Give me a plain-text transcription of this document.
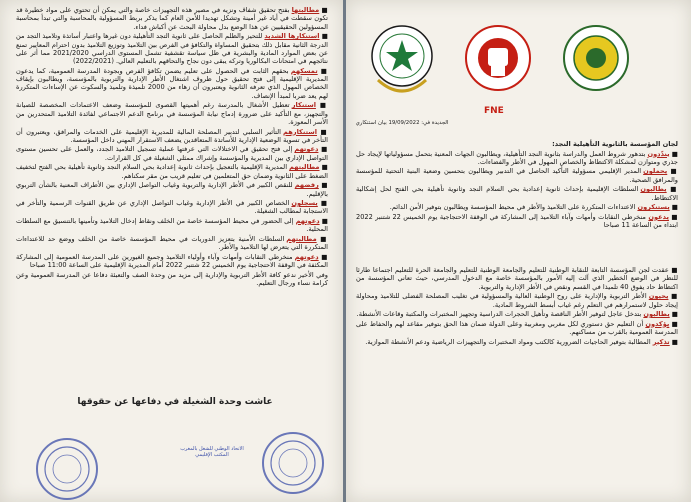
■ مطالبتها بفتح تحقيق شفاف ونزيه في مصير هذه التجهيزات خاصة والتي يمكن أن تحتوي على مواد خطيرة قد تكون سقطت في أياد غير أمينة وتشكل تهديدا للأمن العام كما يذكر بربط المسؤولية بالمحاسبة والتي تبدأ بمحاسبة المسؤولين الحقيقيين عن هذا الوضع بدل محاولة البحث عن أكباش فداء.

■ استنكارها الشديد للتحيز والظلم الحاصل على ثانوية التجد التأهيلية دون غيرها واعتبار أساتذة وتلاميذ التجد من الدرجة الثانية مقابل ذلك بتحقيق المساواة والتكافؤ في الفرص بين التلاميذ وتوزيع التلاميذ بدون احترام المعايير تمنع عن بعض الموارد المادية والبشرية في ظل سياسة تقشفية تشمل المستوى الدراسي 2021/2020 مما أثر على نتائجهم في امتحانات البكالوريا وتركه يبقى دون نجاح والتحاقهم بالتعليم العالي. (2022/2021)

■ تمسكهم بحقهم الثابت في الحصول على تعليم يضمن تكافؤ الفرص وبجودة المدرسة العمومية، كما يدعون المديرية الإقليمية إلى فتح تحقيق حول ظروف اشتغال الأطر الإدارية والتربوية بالمؤسسة، ويطالبون بإيقاف الخصاص المهول الذي تعرفه الثانوية ويعتبرون أن زهاء من 2000 تلميذة وتلميذ والسكوت عن الإساءات المتكررة لهم يعد ضربا لمبدأ الإنصاف.

■ استنكار تعطيل الأشغال بالمدرسة رغم أهميتها القصوى للمؤسسة وضعف الاعتمادات المخصصة للصيانة والتجهيز، مع التأكيد على ضرورة إدماج نيابة المؤسسة في برنامج الدعم الاجتماعي لفائدة التلاميذ المتحدرين من الأسر المعوزة.

■ استنكارهم التأثير السلبي لتدبير المصلحة المالية للمديرية الإقليمية على الخدمات والمرافق، ويعتبرون أن التأخر في تسوية الوضعية الإدارية للأساتذة المتعاقدين يضعف الاستقرار المهني داخل المؤسسة.

■ دعوتهم إلى فتح تحقيق في الاختلالات التي عرفتها عملية تسجيل التلاميذ الجدد، والعمل على تحسين مستوى التواصل الإداري بين المديرية والمؤسسة وإشراك ممثلي الشغيلة في كل القرارات.

■ مطالبتهم المديرية الإقليمية بالتعجيل بإحداث ثانوية إعدادية بحي السلام النجد وثانوية تأهيلية بحي الفتح لتخفيف الضغط على الثانوية وضمان حق المتعلمين في تعليم قريب من مقر سكناهم.

■ رفضهم للنقص الكبير في الأطر الإدارية والتربوية وغياب التواصل الإداري بين الأطراف المعنية بالشأن التربوي بالإقليم.

■ يسجلون الخصاص الكبير في الأطر الإدارية وغياب التواصل الإداري عن طريق القنوات الرسمية والتأخر في الاستجابة لمطالب الشغيلة.

■ دعوتهم إلى الحضور في محيط المؤسسة خاصة من الخلف ونقاط إدخال التلاميذ وتأمينها بالتنسيق مع السلطات المحلية.

■ مطالبتهم السلطات الأمنية بتعزيز الدوريات في محيط المؤسسة خاصة من الخلف ووضع حد للاعتداءات المتكررة التي يتعرض لها التلاميذ والأطر.

■ دعوتهم منخرطي النقابات وأمهات وآباء وأولياء التلاميذ وجميع الغيورين على المدرسة العمومية إلى المشاركة المكثفة في الوقفة الاحتجاجية يوم الخميس 22 شتنبر 2022 أمام المديرية الإقليمية على الساعة 11:00 صباحا

وفي الأخير ندعو كافة الأطر التربوية والإدارية إلى مزيد من وحدة الصف والتعبئة دفاعا عن المدرسة العمومية وعن كرامة نساء ورجال التعليم.

عاشت وحدة الشغيلة في دفاعها عن حقوقها
الاتحاد الوطني للشغل بالمغرب المكتب الإقليمي
FNE
الجديدة في: 19/09/2022 بيان استنكاري

لجان المؤسسة بالثانوية التأهيلية النجد:

■ يندّدون بتدهور شروط العمل والدراسة بثانوية النجد التأهيلية، ويطالبون الجهات المعنية بتحمل مسؤولياتها لإيجاد حل جذري ومتوازن لمشكلة الاكتظاظ والخصاص المهول في الأطر والفضاءات.

■ يحملون المدير الإقليمي مسؤولية التأكيد الحاصل في التدبير ويطالبون بتحسين وضعية البنية التحتية للمؤسسة والمرافق الصحية.

■ يطالبون السلطات الإقليمية بإحداث ثانوية إعدادية بحي السلام النجد وثانوية تأهيلية بحي الفتح لحل إشكالية الاكتظاظ.

■ يستنكرون الاعتداءات المتكررة على التلاميذ والأطر في محيط المؤسسة ويطالبون بتوفير الأمن الدائم.

■ يدعون منخرطي النقابات وأمهات وآباء التلاميذ إلى المشاركة في الوقفة الاحتجاجية يوم الخميس 22 شتنبر 2022 ابتداء من الساعة 11 صباحا

■ عقدت لجن المؤسسة التابعة للنقابة الوطنية للتعليم والجامعة الوطنية للتعليم والجامعة الحرة للتعليم اجتماعا طارئا للنظر في الوضع الخطير الذي آلت إليه الأمور بالمؤسسة خاصة مع الدخول المدرسي، حيث تعاني المؤسسة من اكتظاظ حاد يفوق 40 تلميذا في القسم ونقص في الأطر الإدارية والتربوية.

■ يحيون الأطر التربوية والإدارية على روح الوطنية العالية والمسؤولية في تغليب المصلحة الفضلى للتلاميذ ومحاولة إيجاد حلول لاستمرارهم في التعلم رغم غياب أبسط الشروط المادية.

■ يطالبون بتدخل عاجل لتوفير الأطر الناقصة وتأهيل الحجرات الدراسية وتجهيز المختبرات والمكتبة وقاعات الأنشطة.

■ يؤكدون أن التعليم حق دستوري لكل مغربي ومغربية وعلى الدولة ضمان هذا الحق بتوفير مقاعد لهم والحفاظ على المدرسة العمومية بالقرب من مساكنهم.

■ تذكير المطالبة بتوفير الحاجيات الضرورية كالكتب ومواد المختبرات والتجهيزات الرياضية ودعم الأنشطة الموازية.
